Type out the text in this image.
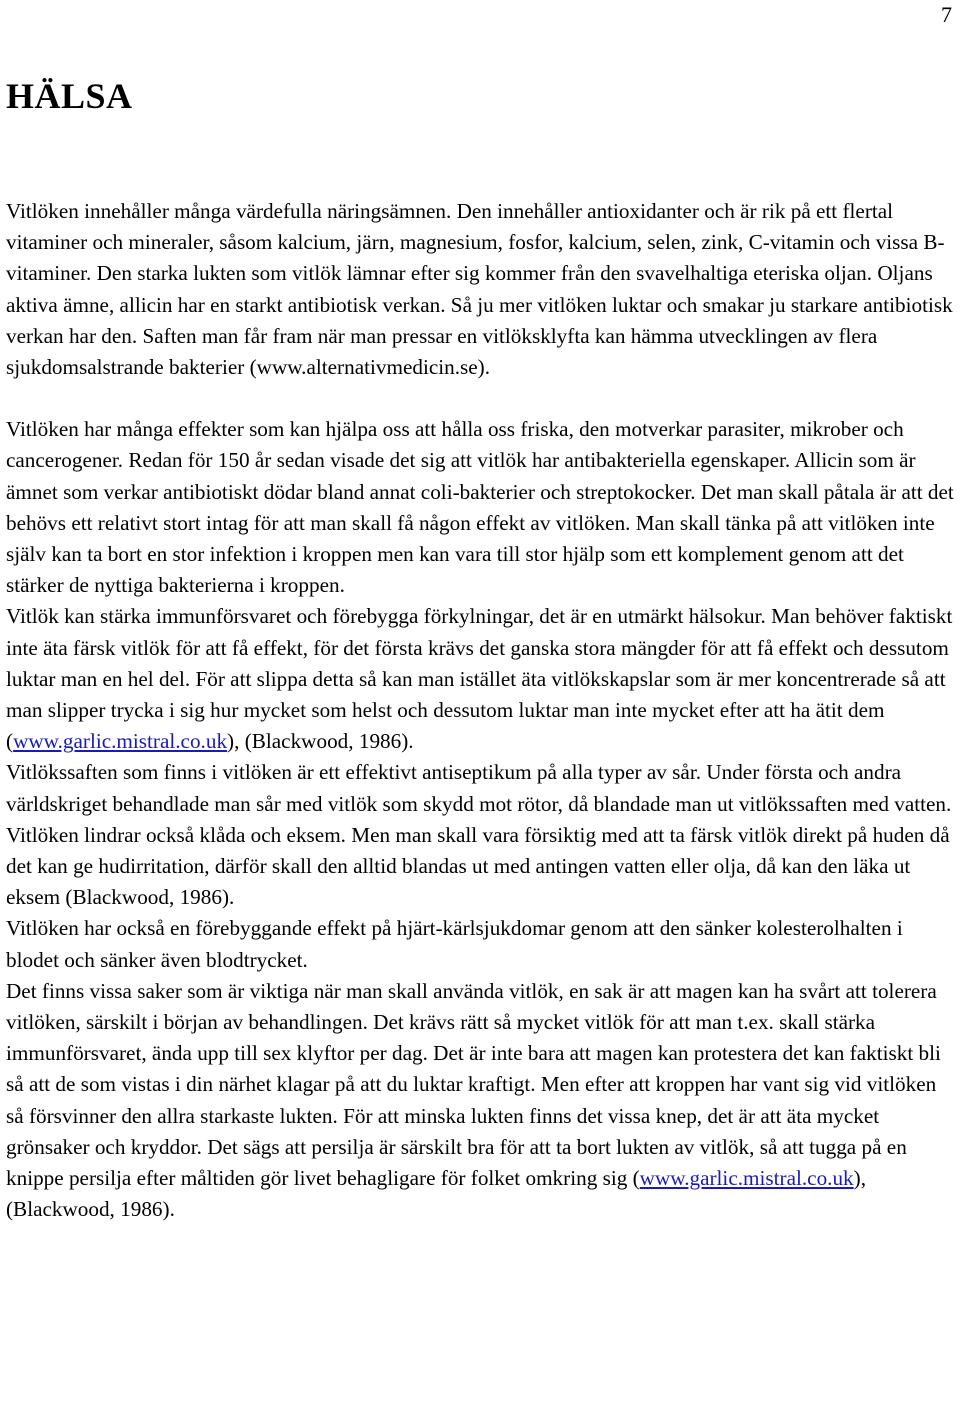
7
HÄLSA

Vitlöken innehåller många värdefulla näringsämnen. Den innehåller antioxidanter och är rik på ett flertal vitaminer och mineraler, såsom kalcium, järn, magnesium, fosfor, kalcium, selen, zink, C-vitamin och vissa B-vitaminer. Den starka lukten som vitlök lämnar efter sig kommer från den svavelhaltiga eteriska oljan. Oljans aktiva ämne, allicin har en starkt antibiotisk verkan. Så ju mer vitlöken luktar och smakar ju starkare antibiotisk verkan har den. Saften man får fram när man pressar en vitlöksklyfta kan hämma utvecklingen av flera sjukdomsalstrande bakterier (www.alternativmedicin.se).

Vitlöken har många effekter som kan hjälpa oss att hålla oss friska, den motverkar parasiter, mikrober och cancerogener. Redan för 150 år sedan visade det sig att vitlök har antibakteriella egenskaper. Allicin som är ämnet som verkar antibiotiskt dödar bland annat coli-bakterier och streptokocker. Det man skall påtala är att det behövs ett relativt stort intag för att man skall få någon effekt av vitlöken. Man skall tänka på att vitlöken inte själv kan ta bort en stor infektion i kroppen men kan vara till stor hjälp som ett komplement genom att det stärker de nyttiga bakterierna i kroppen.

Vitlök kan stärka immunförsvaret och förebygga förkylningar, det är en utmärkt hälsokur. Man behöver faktiskt inte äta färsk vitlök för att få effekt, för det första krävs det ganska stora mängder för att få effekt och dessutom luktar man en hel del. För att slippa detta så kan man istället äta vitlökskapslar som är mer koncentrerade så att man slipper trycka i sig hur mycket som helst och dessutom luktar man inte mycket efter att ha ätit dem (www.garlic.mistral.co.uk), (Blackwood, 1986).

Vitlökssaften som finns i vitlöken är ett effektivt antiseptikum på alla typer av sår. Under första och andra världskriget behandlade man sår med vitlök som skydd mot rötor, då blandade man ut vitlökssaften med vatten. Vitlöken lindrar också klåda och eksem. Men man skall vara försiktig med att ta färsk vitlök direkt på huden då det kan ge hudirritation, därför skall den alltid blandas ut med antingen vatten eller olja, då kan den läka ut eksem (Blackwood, 1986).

Vitlöken har också en förebyggande effekt på hjärt-kärlsjukdomar genom att den sänker kolesterolhalten i blodet och sänker även blodtrycket.

Det finns vissa saker som är viktiga när man skall använda vitlök, en sak är att magen kan ha svårt att tolerera vitlöken, särskilt i början av behandlingen. Det krävs rätt så mycket vitlök för att man t.ex. skall stärka immunförsvaret, ända upp till sex klyftor per dag. Det är inte bara att magen kan protestera det kan faktiskt bli så att de som vistas i din närhet klagar på att du luktar kraftigt. Men efter att kroppen har vant sig vid vitlöken så försvinner den allra starkaste lukten. För att minska lukten finns det vissa knep, det är att äta mycket grönsaker och kryddor. Det sägs att persilja är särskilt bra för att ta bort lukten av vitlök, så att tugga på en knippe persilja efter måltiden gör livet behagligare för folket omkring sig (www.garlic.mistral.co.uk), (Blackwood, 1986).
